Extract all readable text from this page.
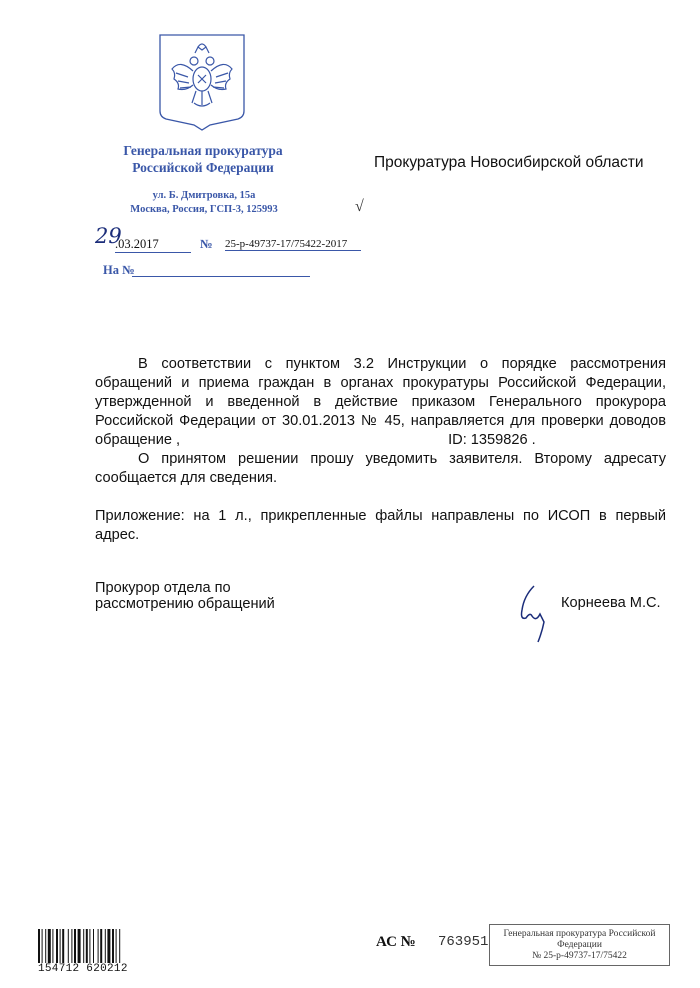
Генеральная прокуратура
Российской Федерации
ул. Б. Дмитровка, 15а
Москва, Россия, ГСП-3, 125993
Прокуратура Новосибирской области
√
29
.03.2017	№ 25-р-49737-17/75422-2017
На №
В соответствии с пунктом 3.2 Инструкции о порядке рассмотрения обращений и приема граждан в органах прокуратуры Российской Федерации, утвержденной и введенной в действие приказом Генерального прокурора Российской Федерации от 30.01.2013 № 45, направляется для проверки доводов обращение ,	ID: 1359826 .
О принятом решении прошу уведомить заявителя. Второму адресату сообщается для сведения.
Приложение: на 1 л., прикрепленные файлы направлены по ИСОП в первый адрес.
Прокурор отдела по
рассмотрению обращений	Корнеева М.С.
154712 620212
АС № 763951	Генеральная прокуратура Российской
Федерации
№ 25-р-49737-17/75422
